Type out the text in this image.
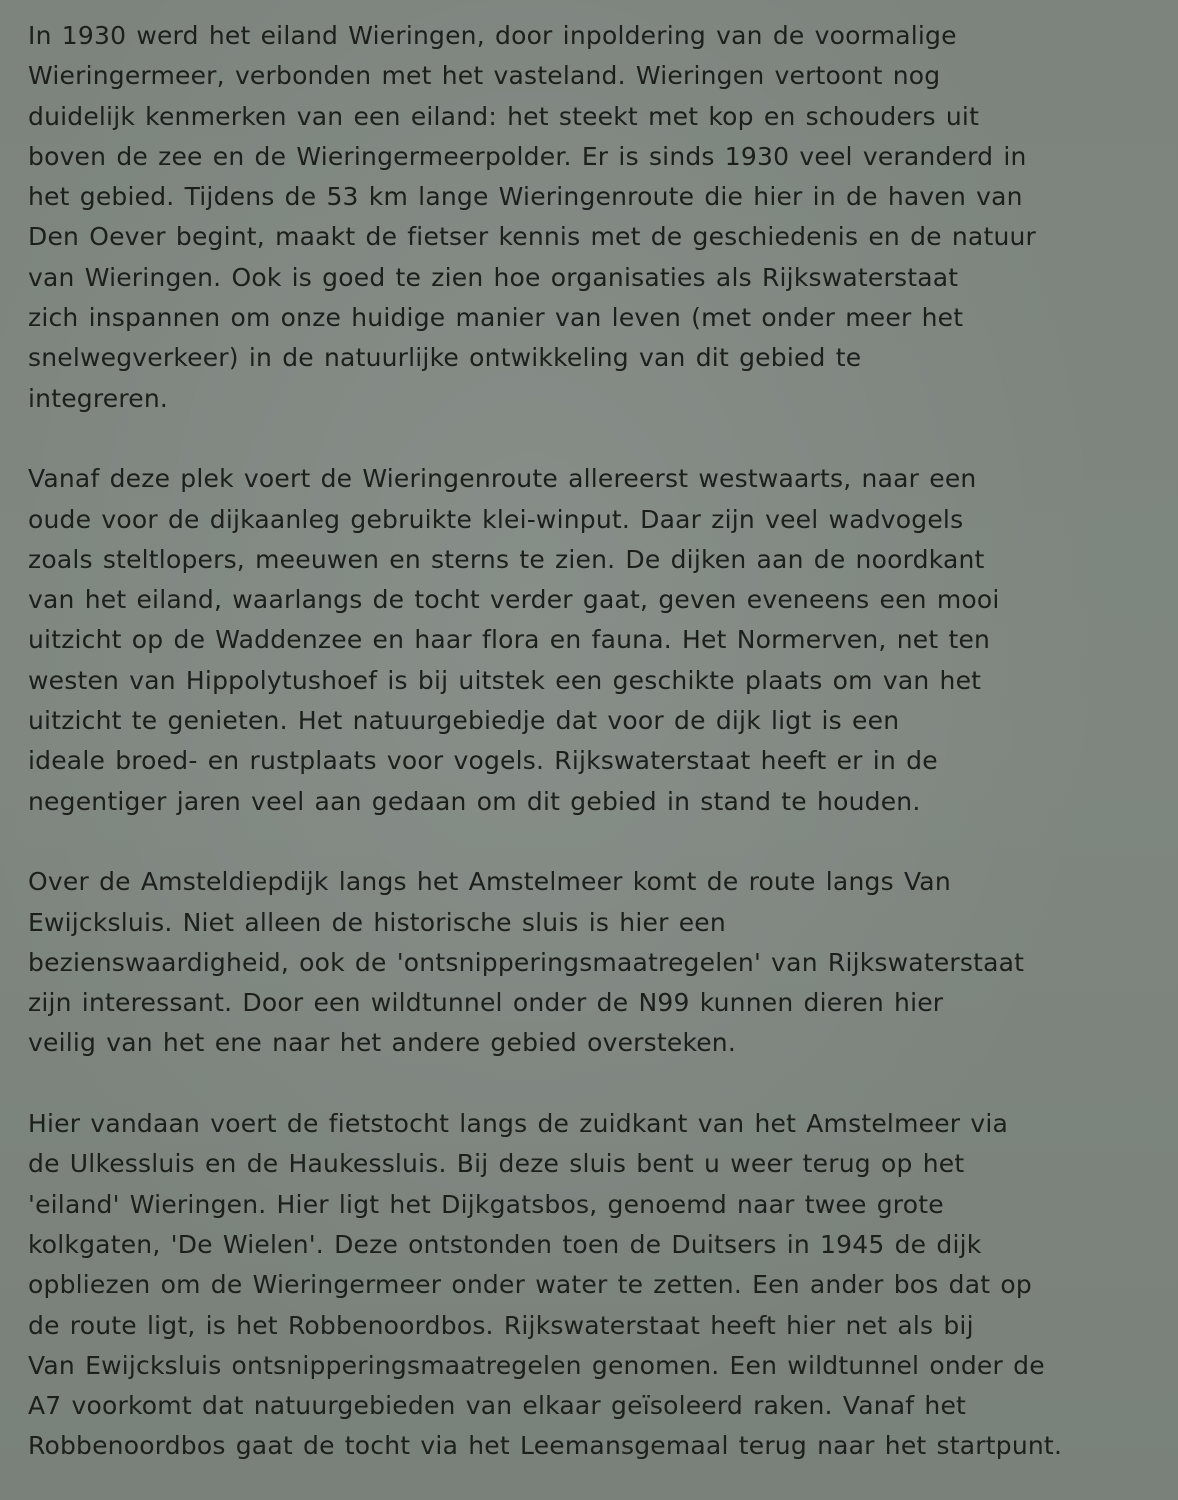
In 1930 werd het eiland Wieringen, door inpoldering van de voormalige
Wieringermeer, verbonden met het vasteland. Wieringen vertoont nog
duidelijk kenmerken van een eiland: het steekt met kop en schouders uit
boven de zee en de Wieringermeerpolder. Er is sinds 1930 veel veranderd in
het gebied. Tijdens de 53 km lange Wieringenroute die hier in de haven van
Den Oever begint, maakt de fietser kennis met de geschiedenis en de natuur
van Wieringen. Ook is goed te zien hoe organisaties als Rijkswaterstaat
zich inspannen om onze huidige manier van leven (met onder meer het
snelwegverkeer) in de natuurlijke ontwikkeling van dit gebied te
integreren.

Vanaf deze plek voert de Wieringenroute allereerst westwaarts, naar een
oude voor de dijkaanleg gebruikte klei-winput. Daar zijn veel wadvogels
zoals steltlopers, meeuwen en sterns te zien. De dijken aan de noordkant
van het eiland, waarlangs de tocht verder gaat, geven eveneens een mooi
uitzicht op de Waddenzee en haar flora en fauna. Het Normerven, net ten
westen van Hippolytushoef is bij uitstek een geschikte plaats om van het
uitzicht te genieten. Het natuurgebiedje dat voor de dijk ligt is een
ideale broed- en rustplaats voor vogels. Rijkswaterstaat heeft er in de
negentiger jaren veel aan gedaan om dit gebied in stand te houden.

Over de Amsteldiepdijk langs het Amstelmeer komt de route langs Van
Ewijcksluis. Niet alleen de historische sluis is hier een
bezienswaardigheid, ook de 'ontsnipperingsmaatregelen' van Rijkswaterstaat
zijn interessant. Door een wildtunnel onder de N99 kunnen dieren hier
veilig van het ene naar het andere gebied oversteken.

Hier vandaan voert de fietstocht langs de zuidkant van het Amstelmeer via
de Ulkessluis en de Haukessluis. Bij deze sluis bent u weer terug op het
'eiland' Wieringen. Hier ligt het Dijkgatsbos, genoemd naar twee grote
kolkgaten, 'De Wielen'. Deze ontstonden toen de Duitsers in 1945 de dijk
opbliezen om de Wieringermeer onder water te zetten. Een ander bos dat op
de route ligt, is het Robbenoordbos. Rijkswaterstaat heeft hier net als bij
Van Ewijcksluis ontsnipperingsmaatregelen genomen. Een wildtunnel onder de
A7 voorkomt dat natuurgebieden van elkaar geïsoleerd raken. Vanaf het
Robbenoordbos gaat de tocht via het Leemansgemaal terug naar het startpunt.
